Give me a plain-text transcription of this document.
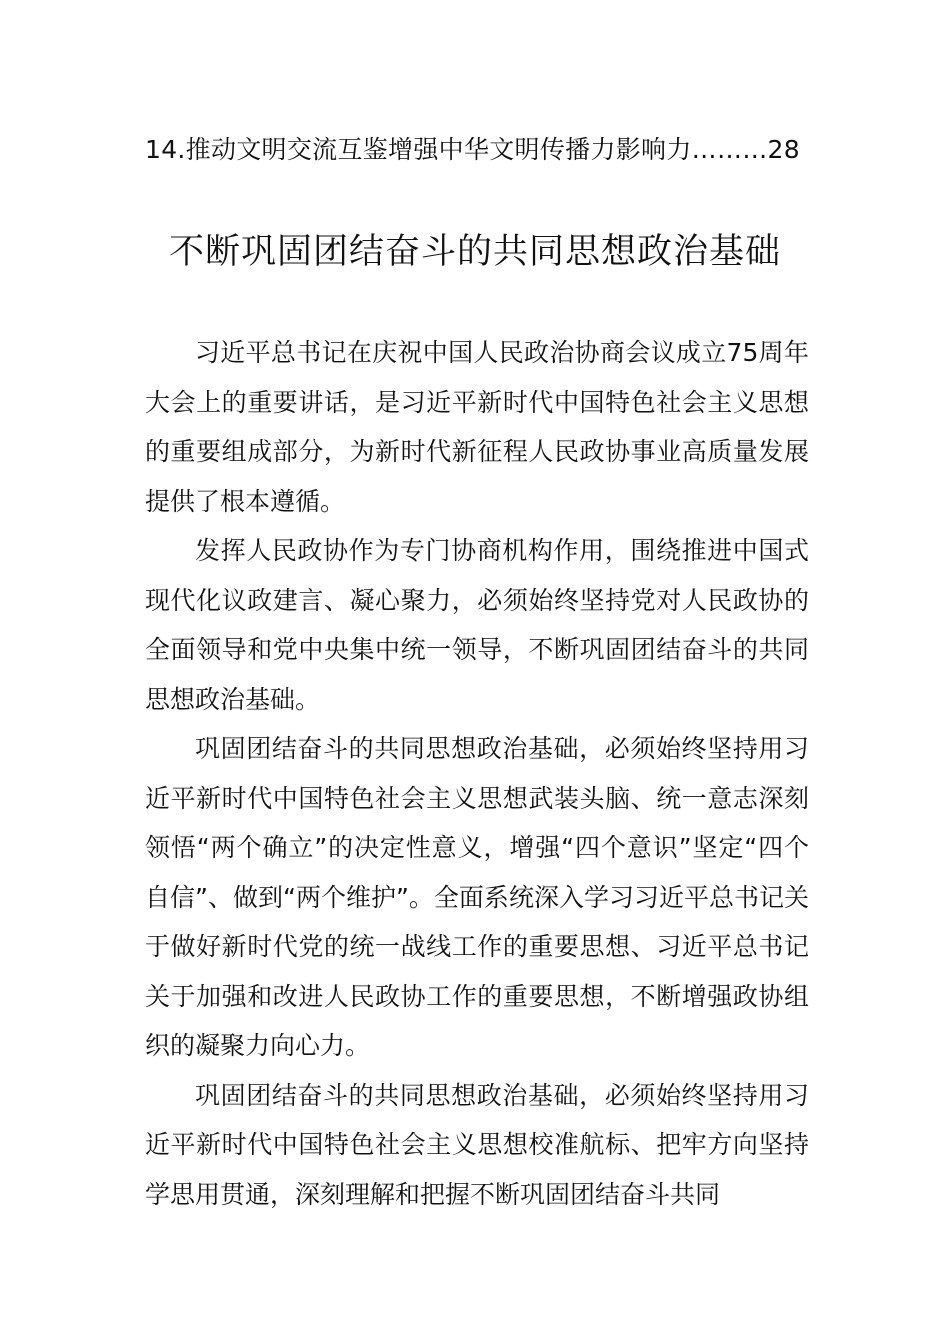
14.推动文明交流互鉴增强中华文明传播力影响力………28
不断巩固团结奋斗的共同思想政治基础

习近平总书记在庆祝中国人民政治协商会议成立75周年大会上的重要讲话，是习近平新时代中国特色社会主义思想的重要组成部分，为新时代新征程人民政协事业高质量发展提供了根本遵循。

发挥人民政协作为专门协商机构作用，围绕推进中国式现代化议政建言、凝心聚力，必须始终坚持党对人民政协的全面领导和党中央集中统一领导，不断巩固团结奋斗的共同思想政治基础。

巩固团结奋斗的共同思想政治基础，必须始终坚持用习近平新时代中国特色社会主义思想武装头脑、统一意志深刻领悟“两个确立”的决定性意义，增强“四个意识”坚定“四个自信”、做到“两个维护”。全面系统深入学习习近平总书记关于做好新时代党的统一战线工作的重要思想、习近平总书记关于加强和改进人民政协工作的重要思想，不断增强政协组织的凝聚力向心力。

巩固团结奋斗的共同思想政治基础，必须始终坚持用习近平新时代中国特色社会主义思想校准航标、把牢方向坚持学思用贯通，深刻理解和把握不断巩固团结奋斗共同
